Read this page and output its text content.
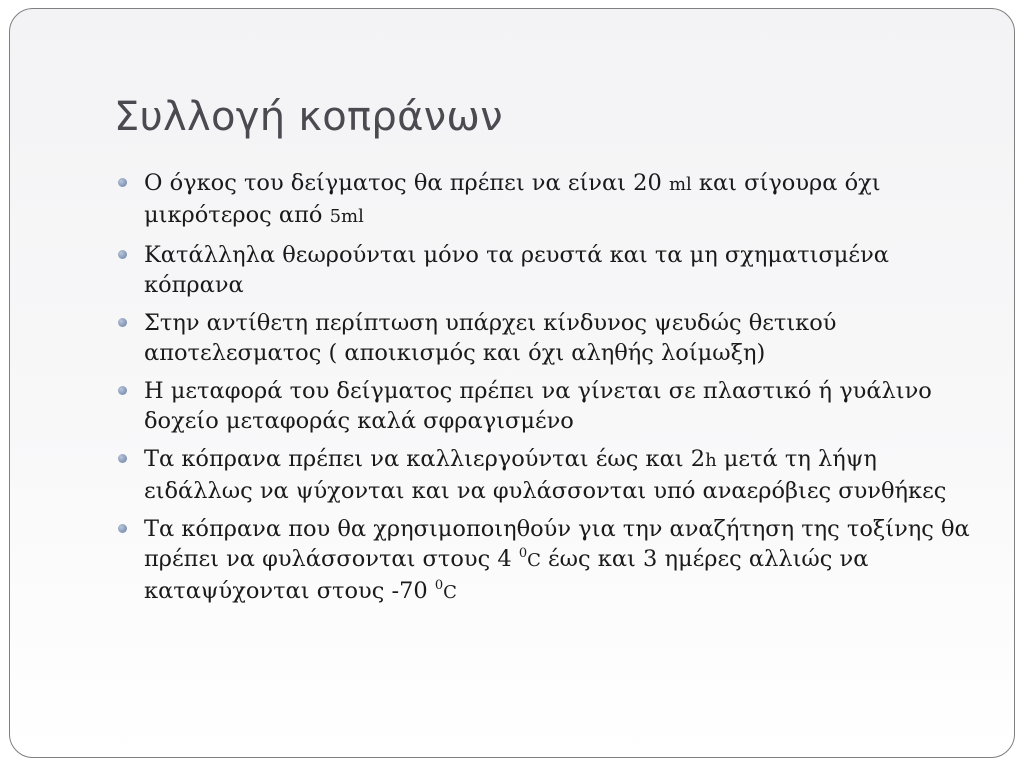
Συλλογή κοπράνων
Ο όγκος του δείγματος θα πρέπει να είναι 20 ml και σίγουρα όχι μικρότερος από 5ml
Κατάλληλα θεωρούνται μόνο τα ρευστά και τα μη σχηματισμένα κόπρανα
Στην αντίθετη περίπτωση υπάρχει κίνδυνος ψευδώς θετικού αποτελεσματος ( αποικισμός και όχι αληθής λοίμωξη)
Η μεταφορά του δείγματος πρέπει να γίνεται σε πλαστικό ή γυάλινο δοχείο μεταφοράς καλά σφραγισμένο
Τα κόπρανα πρέπει να καλλιεργούνται έως και 2h μετά τη λήψη ειδάλλως να ψύχονται και να φυλάσσονται υπό αναερόβιες συνθήκες
Τα κόπρανα που θα χρησιμοποιηθούν για την αναζήτηση της τοξίνης θα πρέπει να φυλάσσονται στους 4 $^0$C έως και 3 ημέρες αλλιώς να καταψύχονται στους -70 $^0$C
